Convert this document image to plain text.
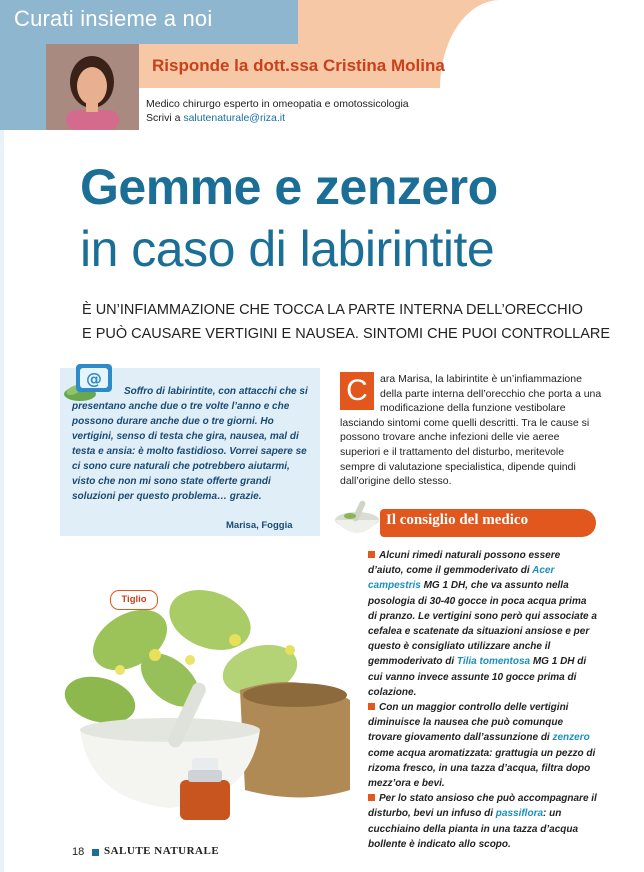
Curati insieme a noi
Risponde la dott.ssa Cristina Molina
Medico chirurgo esperto in omeopatia e omotossicologia
Scrivi a salutenaturale@riza.it
Gemme e zenzero
in caso di labirintite
È UN’INFIAMMAZIONE CHE TOCCA LA PARTE INTERNA DELL’ORECCHIO
E PUÒ CAUSARE VERTIGINI E NAUSEA. SINTOMI CHE PUOI CONTROLLARE
@
Soffro di labirintite, con attacchi che si presentano anche due o tre volte l’anno e che possono durare anche due o tre giorni. Ho vertigini, senso di testa che gira, nausea, mal di testa e ansia: è molto fastidioso. Vorrei sapere se ci sono cure naturali che potrebbero aiutarmi, visto che non mi sono state offerte grandi soluzioni per questo problema… grazie.
Marisa, Foggia
ara Marisa, la labirintite è un’infiammazione della parte interna dell’orecchio che porta a una modificazione della funzione vestibolare lasciando sintomi come quelli descritti. Tra le cause si possono trovare anche infezioni delle vie aeree superiori e il trattamento del disturbo, meritevole sempre di valutazione specialistica, dipende quindi dall’origine dello stesso.
C
Il consiglio del medico
Alcuni rimedi naturali possono essere d’aiuto, come il gemmoderivato di Acer campestris MG 1 DH, che va assunto nella posologia di 30-40 gocce in poca acqua prima di pranzo. Le vertigini sono però qui associate a cefalea e scatenate da situazioni ansiose e per questo è consigliato utilizzare anche il gemmoderivato di Tilia tomentosa MG 1 DH di cui vanno invece assunte 10 gocce prima di colazione.
Con un maggior controllo delle vertigini diminuisce la nausea che può comunque trovare giovamento dall’assunzione di zenzero come acqua aromatizzata: grattugia un pezzo di rizoma fresco, in una tazza d’acqua, filtra dopo mezz’ora e bevi.
Per lo stato ansioso che può accompagnare il disturbo, bevi un infuso di passiflora: un cucchiaino della pianta in una tazza d’acqua bollente è indicato allo scopo.
Tiglio
18 SALUTE NATURALE
